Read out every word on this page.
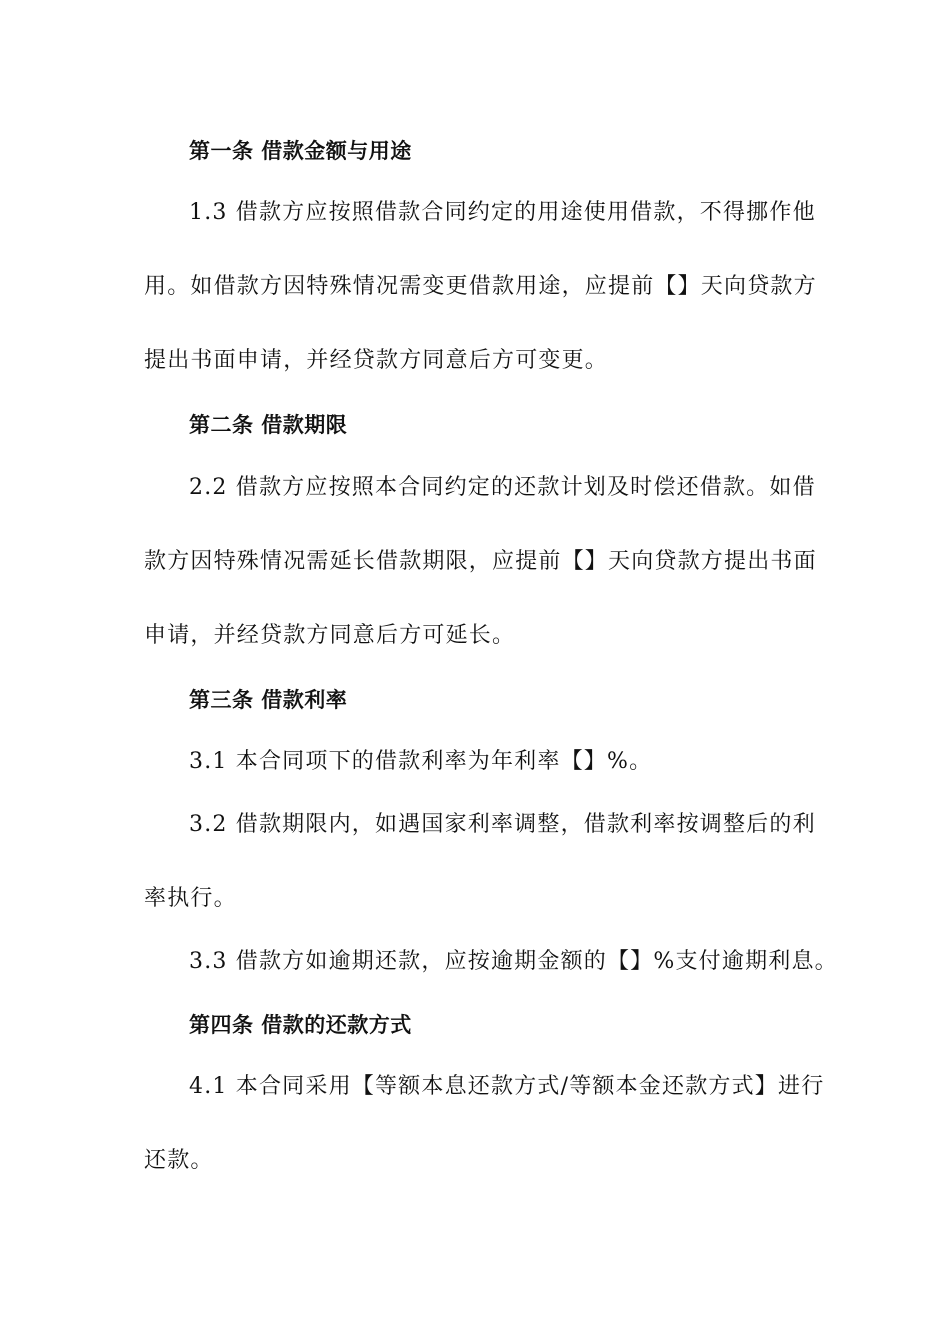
第一条 借款金额与用途
1.3 借款方应按照借款合同约定的用途使用借款，不得挪作他
用。如借款方因特殊情况需变更借款用途，应提前【】天向贷款方
提出书面申请，并经贷款方同意后方可变更。
第二条 借款期限
2.2 借款方应按照本合同约定的还款计划及时偿还借款。如借
款方因特殊情况需延长借款期限，应提前【】天向贷款方提出书面
申请，并经贷款方同意后方可延长。
第三条 借款利率
3.1 本合同项下的借款利率为年利率【】%。
3.2 借款期限内，如遇国家利率调整，借款利率按调整后的利
率执行。
3.3 借款方如逾期还款，应按逾期金额的【】%支付逾期利息。
第四条 借款的还款方式
4.1 本合同采用【等额本息还款方式/等额本金还款方式】进行
还款。
